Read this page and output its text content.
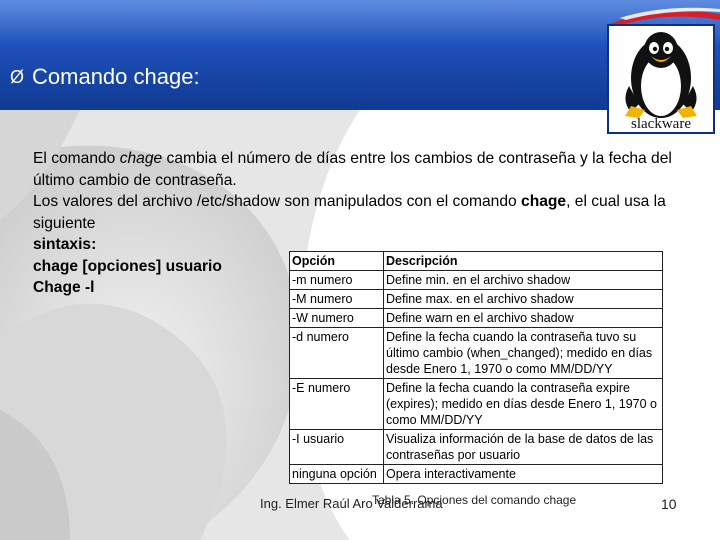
Ø Comando chage:
slackware

El comando chage cambia el número de días entre los cambios de contraseña y la fecha del último cambio de contraseña.

Los valores del archivo /etc/shadow son manipulados con el comando chage, el cual usa la siguiente

sintaxis:

chage [opciones] usuario

Chage -l

Opción	Descripción
-m numero	Define min. en el archivo shadow
-M numero	Define max. en el archivo shadow
-W numero	Define warn en el archivo shadow
-d numero	Define la fecha cuando la contraseña tuvo su último cambio (when_changed); medido en días desde Enero 1, 1970 o como MM/DD/YY
-E numero	Define la fecha cuando la contraseña expire (expires); medido en días desde Enero 1, 1970 o como MM/DD/YY
-I usuario	Visualiza información de la base de datos de las contraseñas por usuario
ninguna opción	Opera interactivamente
Tabla 5. Opciones del comando chage
Ing. Elmer Raúl Aro Valderrama	10
